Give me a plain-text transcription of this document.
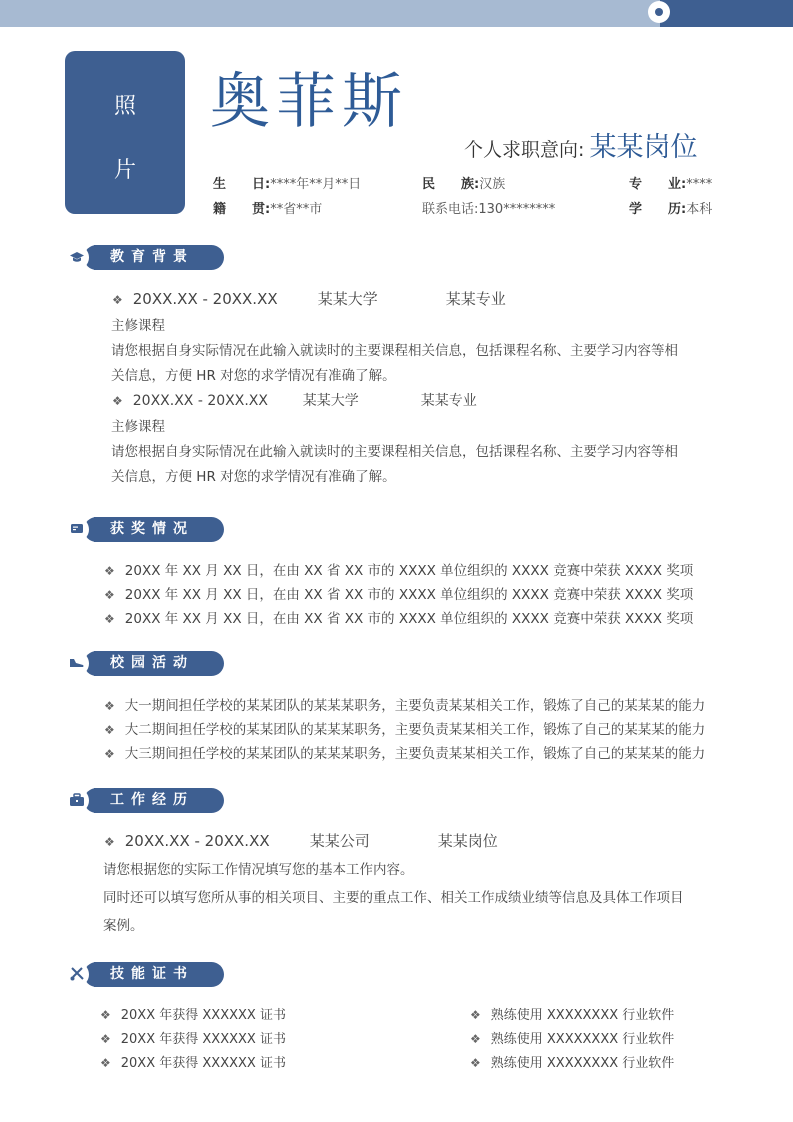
照
片
奥菲斯
个人求职意向: 某某岗位
生　　日:****年**月**日	民　　族:汉族	专　　业:****
籍　　贯:**省**市	联系电话:130********	学　　历:本科
教育背景
❖ 20XX.XX - 20XX.XX	某某大学	某某专业
主修课程
请您根据自身实际情况在此输入就读时的主要课程相关信息，包括课程名称、主要学习内容等相
关信息，方便 HR 对您的求学情况有准确了解。
❖ 20XX.XX - 20XX.XX 某某大学	某某专业
主修课程
请您根据自身实际情况在此输入就读时的主要课程相关信息，包括课程名称、主要学习内容等相
关信息，方便 HR 对您的求学情况有准确了解。
获奖情况
❖ 20XX 年 XX 月 XX 日，在由 XX 省 XX 市的 XXXX 单位组织的 XXXX 竞赛中荣获 XXXX 奖项
❖ 20XX 年 XX 月 XX 日，在由 XX 省 XX 市的 XXXX 单位组织的 XXXX 竞赛中荣获 XXXX 奖项
❖ 20XX 年 XX 月 XX 日，在由 XX 省 XX 市的 XXXX 单位组织的 XXXX 竞赛中荣获 XXXX 奖项
校园活动
❖ 大一期间担任学校的某某团队的某某某职务，主要负责某某相关工作，锻炼了自己的某某某的能力
❖ 大二期间担任学校的某某团队的某某某职务，主要负责某某相关工作，锻炼了自己的某某某的能力
❖ 大三期间担任学校的某某团队的某某某职务，主要负责某某相关工作，锻炼了自己的某某某的能力
工作经历
❖ 20XX.XX - 20XX.XX	某某公司	某某岗位
请您根据您的实际工作情况填写您的基本工作内容。
同时还可以填写您所从事的相关项目、主要的重点工作、相关工作成绩业绩等信息及具体工作项目
案例。
技能证书
❖ 20XX 年获得 XXXXXX 证书
❖ 20XX 年获得 XXXXXX 证书
❖ 20XX 年获得 XXXXXX 证书
❖ 熟练使用 XXXXXXXX 行业软件
❖ 熟练使用 XXXXXXXX 行业软件
❖ 熟练使用 XXXXXXXX 行业软件
